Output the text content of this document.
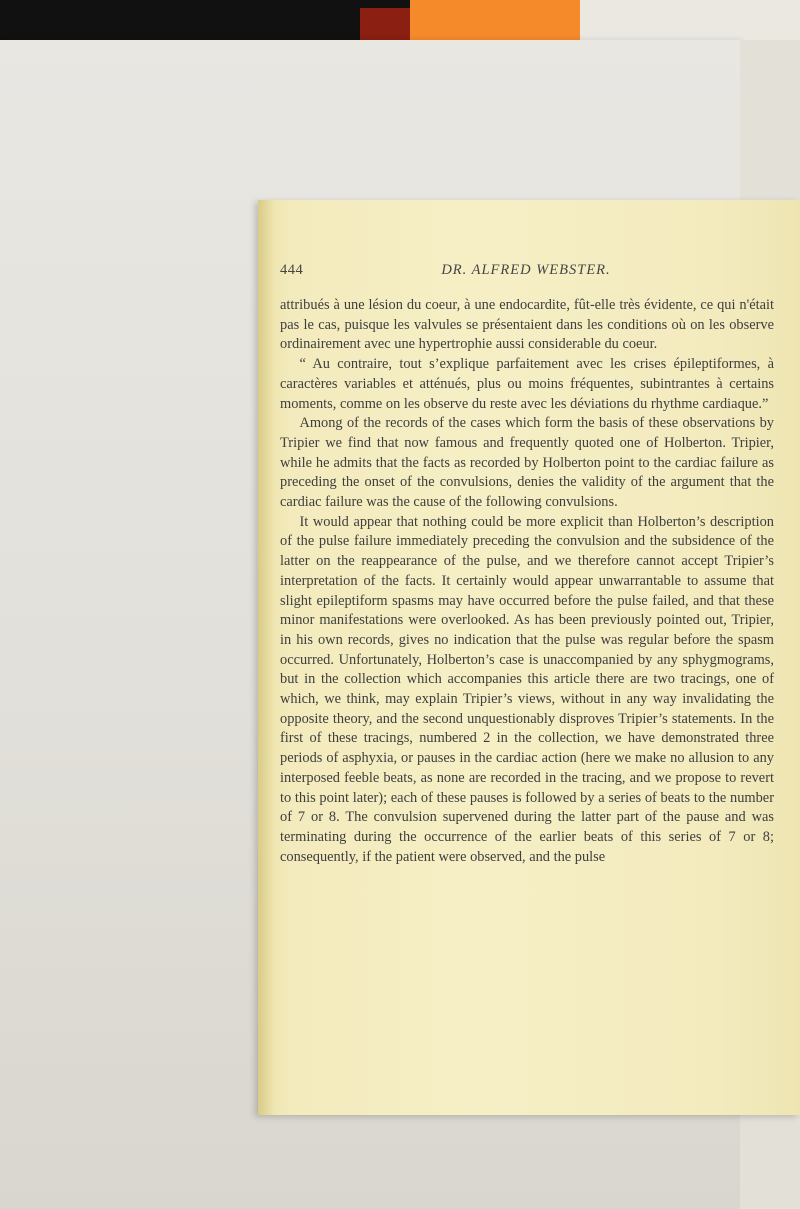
444	DR. ALFRED WEBSTER.

attribués à une lésion du coeur, à une endocardite, fût-elle très évidente, ce qui n'était pas le cas, puisque les valvules se présentaient dans les conditions où on les observe ordinairement avec une hypertrophie aussi considerable du coeur.

“ Au contraire, tout s’explique parfaitement avec les crises épileptiformes, à caractères variables et atténués, plus ou moins fréquentes, subintrantes à certains moments, comme on les observe du reste avec les déviations du rhythme cardiaque.”

Among of the records of the cases which form the basis of these observations by Tripier we find that now famous and frequently quoted one of Holberton. Tripier, while he admits that the facts as recorded by Holberton point to the cardiac failure as preceding the onset of the convulsions, denies the validity of the argument that the cardiac failure was the cause of the following convulsions.

It would appear that nothing could be more explicit than Holberton’s description of the pulse failure immediately preceding the convulsion and the subsidence of the latter on the reappearance of the pulse, and we therefore cannot accept Tripier’s interpretation of the facts. It certainly would appear unwarrantable to assume that slight epileptiform spasms may have occurred before the pulse failed, and that these minor manifestations were overlooked. As has been previously pointed out, Tripier, in his own records, gives no indication that the pulse was regular before the spasm occurred. Unfortunately, Holberton’s case is unaccompanied by any sphygmograms, but in the collection which accompanies this article there are two tracings, one of which, we think, may explain Tripier’s views, without in any way invalidating the opposite theory, and the second unquestionably disproves Tripier’s statements. In the first of these tracings, numbered 2 in the collection, we have demonstrated three periods of asphyxia, or pauses in the cardiac action (here we make no allusion to any interposed feeble beats, as none are recorded in the tracing, and we propose to revert to this point later); each of these pauses is followed by a series of beats to the number of 7 or 8. The convulsion supervened during the latter part of the pause and was terminating during the occurrence of the earlier beats of this series of 7 or 8; consequently, if the patient were observed, and the pulse
